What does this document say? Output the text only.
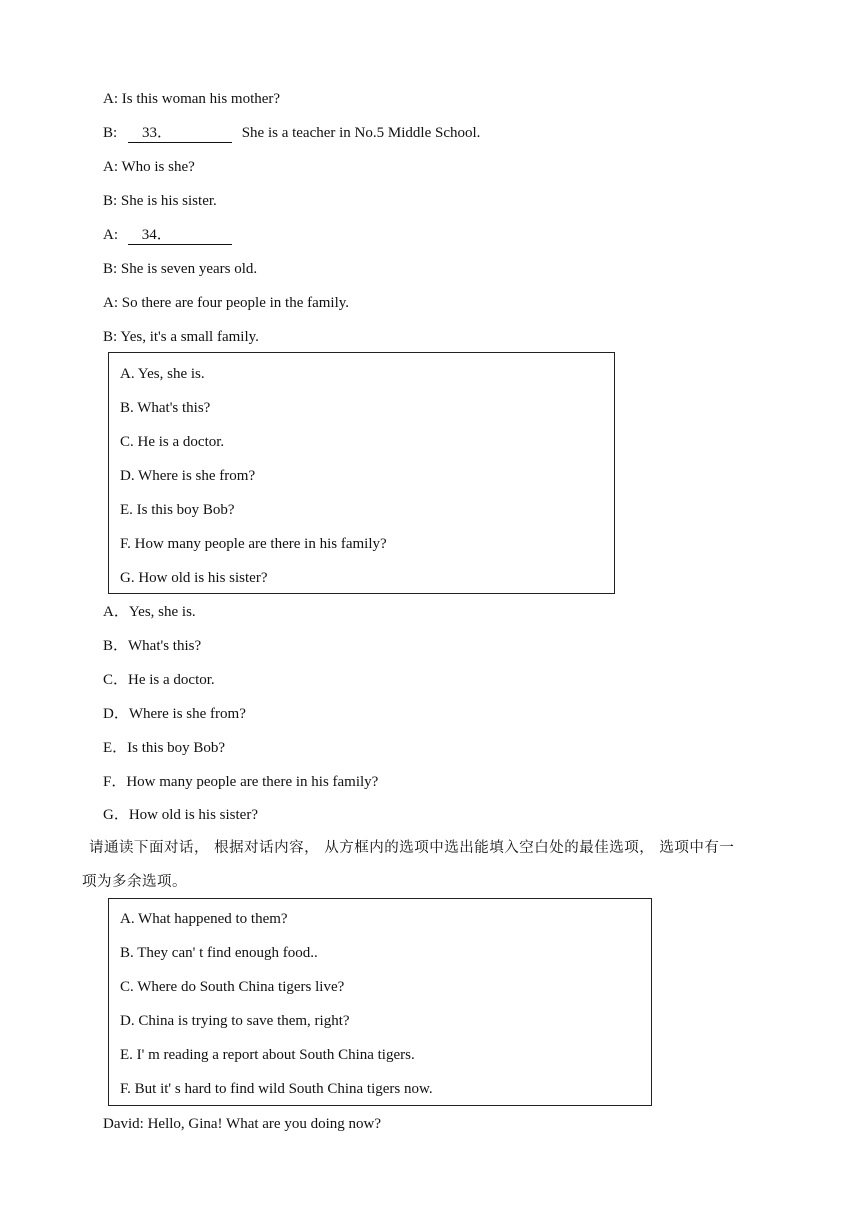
A: Is this woman his mother?
B: 33．	She is a teacher in No.5 Middle School.
A: Who is she?
B: She is his sister.
A: 34．
B: She is seven years old.
A: So there are four people in the family.
B: Yes, it's a small family.
A. Yes, she is.
B. What's this?
C. He is a doctor.
D. Where is she from?
E. Is this boy Bob?
F. How many people are there in his family?
G. How old is his sister?
A．Yes, she is.
B．What's this?
C．He is a doctor.
D．Where is she from?
E．Is this boy Bob?
F．How many people are there in his family?
G．How old is his sister?
请通读下面对话， 根据对话内容， 从方框内的选项中选出能填入空白处的最佳选项， 选项中有一
项为多余选项。
A. What happened to them?
B. They can' t find enough food..
C. Where do South China tigers live?
D. China is trying to save them, right?
E. I' m reading a report about South China tigers.
F. But it' s hard to find wild South China tigers now.
David: Hello, Gina! What are you doing now?
